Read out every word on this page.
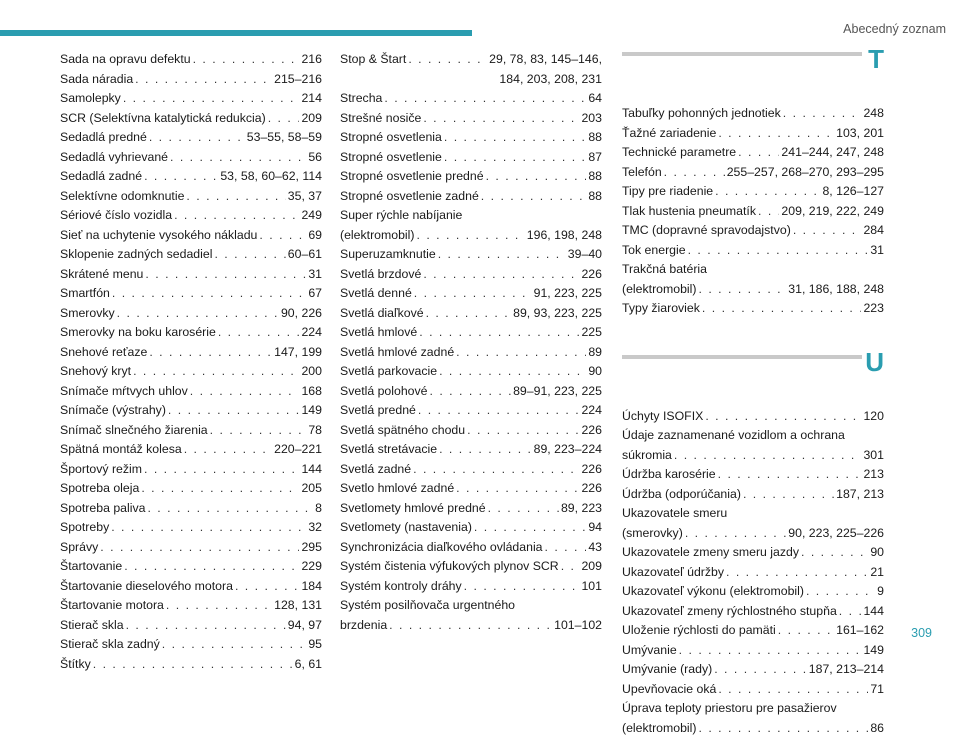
Abecedný zoznam
Sada na opravu defektu . . .	216
Sada náradia . . .	215–216
Samolepky . . .	214
SCR (Selektívna katalytická redukcia) . . .	209
Sedadlá predné . . .	53–55, 58–59
Sedadlá vyhrievané . . .	56
Sedadlá zadné . . .	53, 58, 60–62, 114
Selektívne odomknutie . . .	35, 37
Sériové číslo vozidla . . .	249
Sieť na uchytenie vysokého nákladu . . .	69
Sklopenie zadných sedadiel . . .	60–61
Skrátené menu . . .	31
Smartfón . . .	67
Smerovky . . .	90, 226
Smerovky na boku karosérie . . .	224
Snehové reťaze . . .	147, 199
Snehový kryt . . .	200
Snímače mŕtvych uhlov . . .	168
Snímače (výstrahy) . . .	149
Snímač slnečného žiarenia . . .	78
Spätná montáž kolesa . . .	220–221
Športový režim . . .	144
Spotreba oleja . . .	205
Spotreba paliva . . .	8
Spotreby . . .	32
Správy . . .	295
Štartovanie . . .	229
Štartovanie dieselového motora . . .	184
Štartovanie motora . . .	128, 131
Stierač skla . . .	94, 97
Stierač skla zadný . . .	95
Štítky . . .	6, 61
Stop & Štart . . .	29, 78, 83, 145–146,
184, 203, 208, 231
Strecha . . .	64
Strešné nosiče . . .	203
Stropné osvetlenia . . .	88
Stropné osvetlenie . . .	87
Stropné osvetlenie predné . . .	88
Stropné osvetlenie zadné . . .	88
Super rýchle nabíjanie
(elektromobil) . . .	196, 198, 248
Superuzamknutie . . .	39–40
Svetlá brzdové . . .	226
Svetlá denné . . .	91, 223, 225
Svetlá diaľkové . . .	89, 93, 223, 225
Svetlá hmlové . . .	225
Svetlá hmlové zadné . . .	89
Svetlá parkovacie . . .	90
Svetlá polohové . . .	89–91, 223, 225
Svetlá predné . . .	224
Svetlá spätného chodu . . .	226
Svetlá stretávacie . . .	89, 223–224
Svetlá zadné . . .	226
Svetlo hmlové zadné . . .	226
Svetlomety hmlové predné . . .	89, 223
Svetlomety (nastavenia) . . .	94
Synchronizácia diaľkového ovládania . . .	43
Systém čistenia výfukových plynov SCR . . . 209
Systém kontroly dráhy . . .	101
Systém posilňovača urgentného
brzdenia . . .	101–102
T
Tabuľky pohonných jednotiek . . .	248
Ťažné zariadenie . . .	103, 201
Technické parametre . . .	241–244, 247, 248
Telefón . . .	255–257, 268–270, 293–295
Tipy pre riadenie . . .	8, 126–127
Tlak hustenia pneumatík . . . 209, 219, 222, 249
TMC (dopravné spravodajstvo) . . .	284
Tok energie . . .	31
Trakčná batéria
(elektromobil) . . .	31, 186, 188, 248
Typy žiaroviek . . .	223
U
Úchyty ISOFIX . . .	120
Údaje zaznamenané vozidlom a ochrana
súkromia . . .	301
Údržba karosérie . . .	213
Údržba (odporúčania) . . .	187, 213
Ukazovatele smeru
(smerovky) . . .	90, 223, 225–226
Ukazovatele zmeny smeru jazdy . . .	90
Ukazovateľ údržby . . .	21
Ukazovateľ výkonu (elektromobil) . . .	9
Ukazovateľ zmeny rýchlostného stupňa . . . 144
Uloženie rýchlosti do pamäti . . .	161–162
Umývanie . . .	149
Umývanie (rady) . . .	187, 213–214
Upevňovacie oká . . .	71
Úprava teploty priestoru pre pasažierov
(elektromobil) . . .	86
309
